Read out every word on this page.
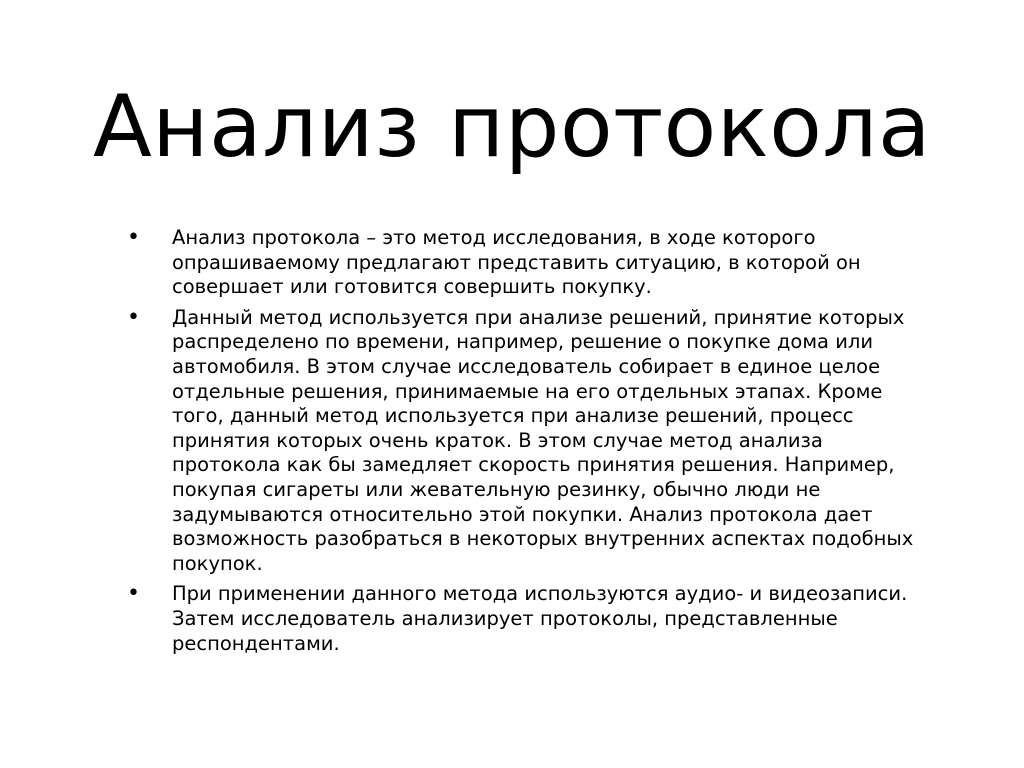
Анализ протокола
•	Анализ протокола – это метод исследования, в ходе которого опрашиваемому предлагают представить ситуацию, в которой он совершает или готовится совершить покупку.
•	Данный метод используется при анализе решений, принятие которых распределено по времени, например, решение о покупке дома или автомобиля. В этом случае исследователь собирает в единое целое отдельные решения, принимаемые на его отдельных этапах. Кроме того, данный метод используется при анализе решений, процесс принятия которых очень краток. В этом случае метод анализа протокола как бы замедляет скорость принятия решения. Например, покупая сигареты или жевательную резинку, обычно люди не задумываются относительно этой покупки. Анализ протокола дает возможность разобраться в некоторых внутренних аспектах подобных покупок.
•	При применении данного метода используются аудио- и видеозаписи. Затем исследователь анализирует протоколы, представленные респондентами.
